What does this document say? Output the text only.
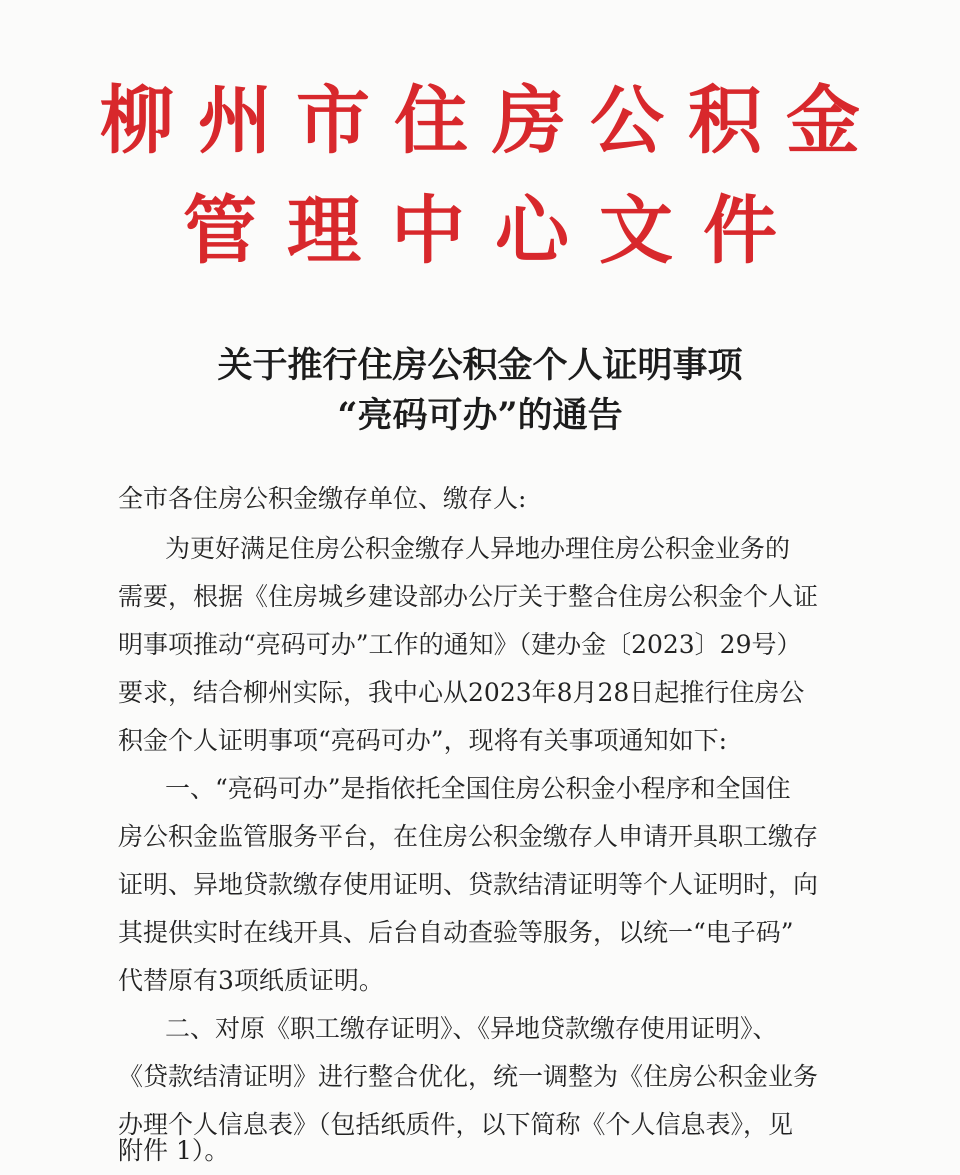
柳州市住房公积金
管理中心文件
关于推行住房公积金个人证明事项
“亮码可办”的通告
全市各住房公积金缴存单位、缴存人:
为更好满足住房公积金缴存人异地办理住房公积金业务的
需要，根据《住房城乡建设部办公厅关于整合住房公积金个人证
明事项推动“亮码可办”工作的通知》（建办金〔2023〕29号）
要求，结合柳州实际，我中心从2023年8月28日起推行住房公
积金个人证明事项“亮码可办”，现将有关事项通知如下:
一、“亮码可办”是指依托全国住房公积金小程序和全国住
房公积金监管服务平台，在住房公积金缴存人申请开具职工缴存
证明、异地贷款缴存使用证明、贷款结清证明等个人证明时，向
其提供实时在线开具、后台自动查验等服务，以统一“电子码”
代替原有3项纸质证明。
二、对原《职工缴存证明》、《异地贷款缴存使用证明》、
《贷款结清证明》进行整合优化，统一调整为《住房公积金业务
办理个人信息表》（包括纸质件，以下简称《个人信息表》，见
附件 1）。
